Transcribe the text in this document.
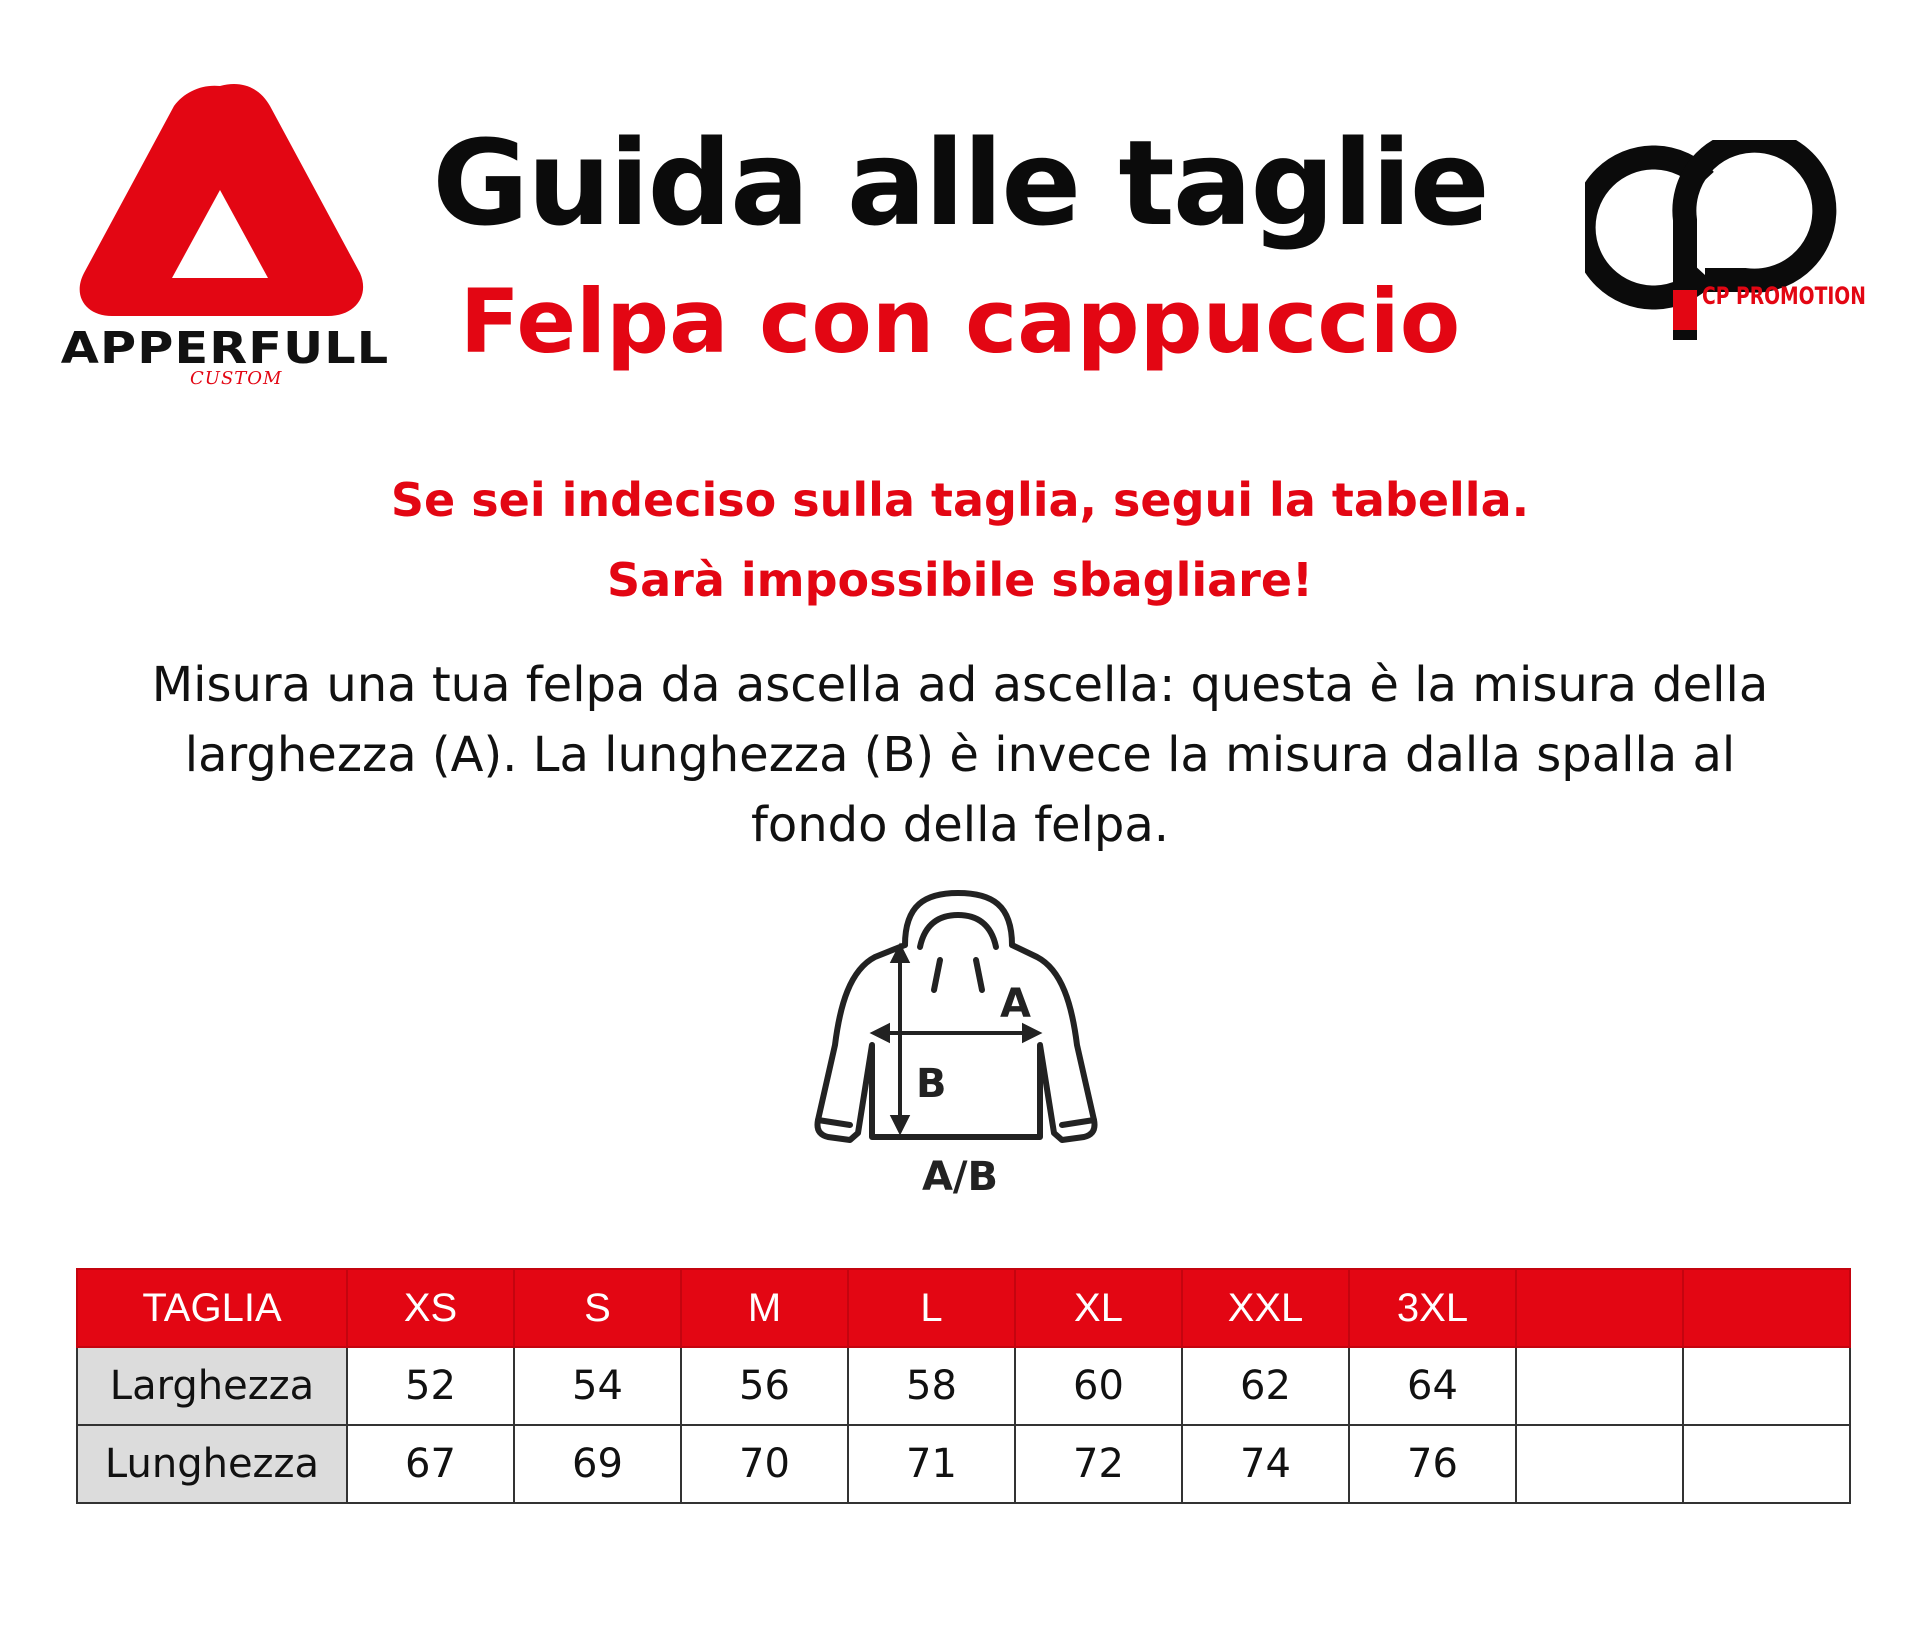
APPERFULL
CUSTOM
CP PROMOTION
Guida alle taglie
Felpa con cappuccio

Se sei indeciso sulla taglia, segui la tabella.

Sarà impossibile sbagliare!

Misura una tua felpa da ascella ad ascella: questa è la misura della larghezza (A). La lunghezza (B) è invece la misura dalla spalla al fondo della felpa.

A
B
A/B
TAGLIA	XS	S	M	L	XL	XXL	3XL		
Larghezza	52	54	56	58	60	62	64		
Lunghezza	67	69	70	71	72	74	76		
